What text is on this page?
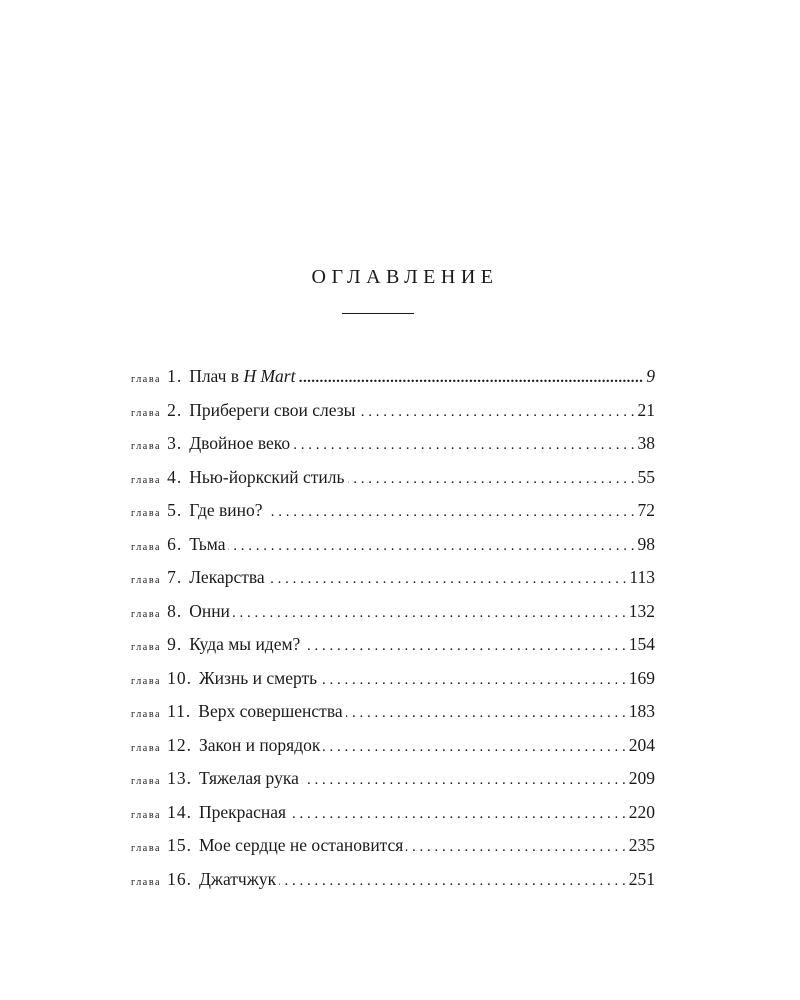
ОГЛАВЛЕНИЕ
глава 1. Плач в H Mart .....	9
глава 2. Прибереги свои слезы . . .	21
глава 3. Двойное веко . . .	38
глава 4. Нью-йоркский стиль . . .	55
глава 5. Где вино? . . .	72
глава 6. Тьма . . .	98
глава 7. Лекарства . . .	113
глава 8. Онни . . .	132
глава 9. Куда мы идем? . . .	154
глава 10. Жизнь и смерть . . .	169
глава 11. Верх совершенства . . .	183
глава 12. Закон и порядок . . .	204
глава 13. Тяжелая рука . . .	209
глава 14. Прекрасная . . .	220
глава 15. Мое сердце не остановится . . .	235
глава 16. Джатчжук . . .	251
